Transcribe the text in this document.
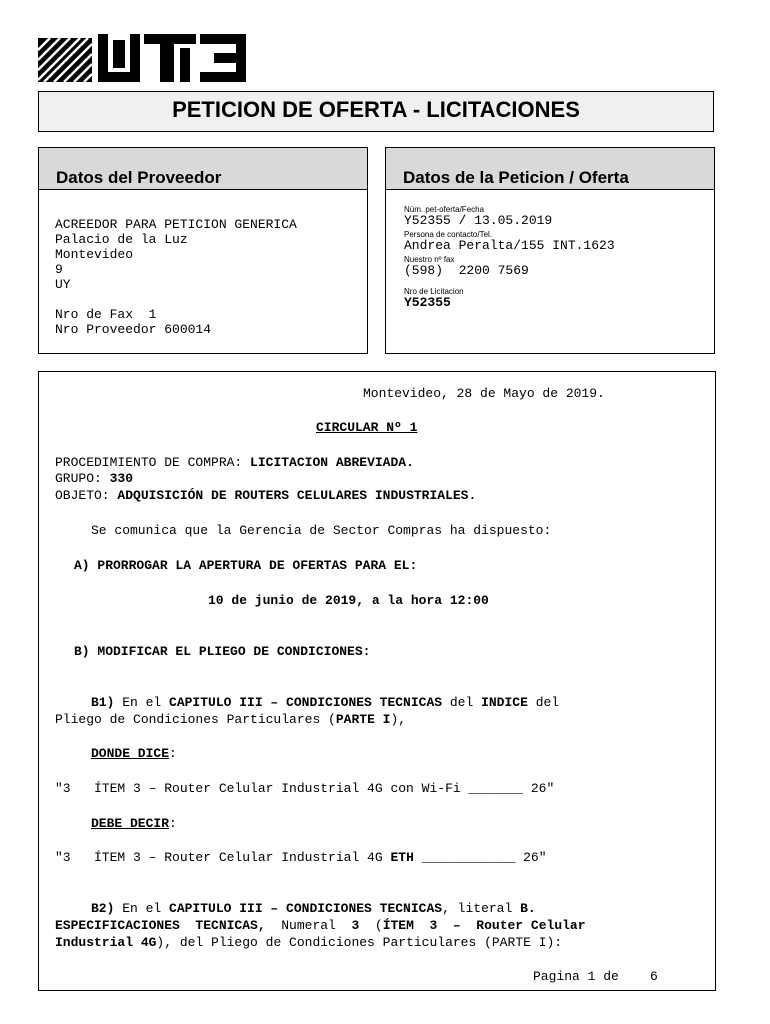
PETICION DE OFERTA - LICITACIONES
Datos del Proveedor
ACREEDOR PARA PETICION GENERICA
Palacio de la Luz
Montevideo
9
UY

Nro de Fax  1
Nro Proveedor 600014
Datos de la Peticion / Oferta
Núm. pet-oferta/Fecha
Y52355 / 13.05.2019
Persona de contacto/Tel.
Andrea Peralta/155 INT.1623
Nuestro nº fax
(598)  2200 7569
Nro de Licitacion
Y52355
Montevideo, 28 de Mayo de 2019.
CIRCULAR Nº 1
PROCEDIMIENTO DE COMPRA: LICITACION ABREVIADA.
GRUPO: 330
OBJETO: ADQUISICIÓN DE ROUTERS CELULARES INDUSTRIALES.
Se comunica que la Gerencia de Sector Compras ha dispuesto:
A) PRORROGAR LA APERTURA DE OFERTAS PARA EL:
10 de junio de 2019, a la hora 12:00
B) MODIFICAR EL PLIEGO DE CONDICIONES:
B1) En el CAPITULO III – CONDICIONES TECNICAS del INDICE del
Pliego de Condiciones Particulares (PARTE I),
DONDE DICE:
"3   ÍTEM 3 – Router Celular Industrial 4G con Wi-Fi _______ 26"
DEBE DECIR:
"3   ÍTEM 3 – Router Celular Industrial 4G ETH ____________ 26"
B2) En el CAPITULO III – CONDICIONES TECNICAS, literal B.
ESPECIFICACIONES  TECNICAS,  Numeral  3  (ÍTEM  3  –  Router Celular
Industrial 4G), del Pliego de Condiciones Particulares (PARTE I):
Pagina 1 de    6
